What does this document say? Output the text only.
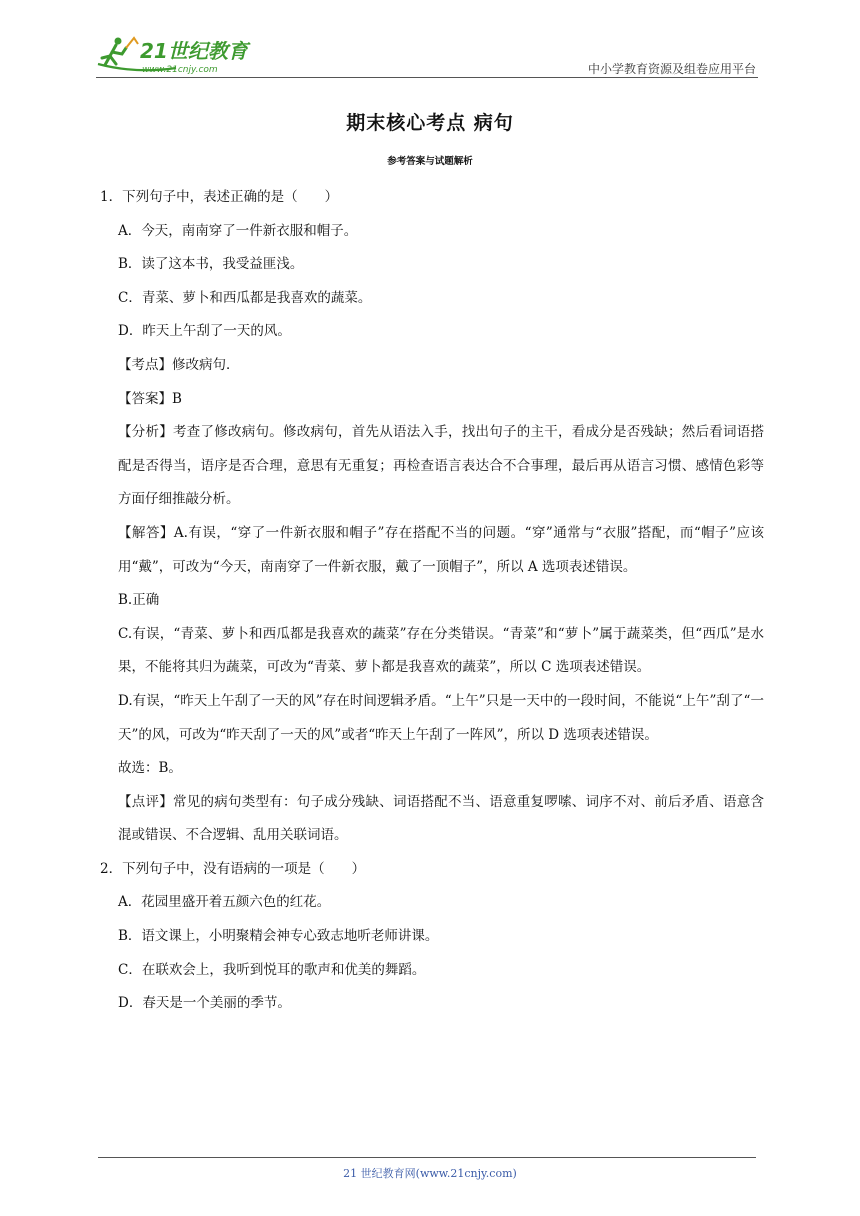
21世纪教育
www.21cnjy.com	中小学教育资源及组卷应用平台
期末核心考点 病句
参考答案与试题解析

1．下列句子中，表述正确的是（　　）

A．今天，南南穿了一件新衣服和帽子。

B．读了这本书，我受益匪浅。

C．青菜、萝卜和西瓜都是我喜欢的蔬菜。

D．昨天上午刮了一天的风。

【考点】修改病句．

【答案】B

【分析】考查了修改病句。修改病句，首先从语法入手，找出句子的主干，看成分是否残缺；然后看词语搭配是否得当，语序是否合理，意思有无重复；再检查语言表达合不合事理，最后再从语言习惯、感情色彩等方面仔细推敲分析。

【解答】A.有误，“穿了一件新衣服和帽子”存在搭配不当的问题。“穿”通常与“衣服”搭配，而“帽子”应该用“戴”，可改为“今天，南南穿了一件新衣服，戴了一顶帽子”，所以 A 选项表述错误。

B.正确

C.有误，“青菜、萝卜和西瓜都是我喜欢的蔬菜”存在分类错误。“青菜”和“萝卜”属于蔬菜类，但“西瓜”是水果，不能将其归为蔬菜，可改为“青菜、萝卜都是我喜欢的蔬菜”，所以 C 选项表述错误。

D.有误，“昨天上午刮了一天的风”存在时间逻辑矛盾。“上午”只是一天中的一段时间，不能说“上午”刮了“一天”的风，可改为“昨天刮了一天的风”或者“昨天上午刮了一阵风”，所以 D 选项表述错误。

故选：B。

【点评】常见的病句类型有：句子成分残缺、词语搭配不当、语意重复啰嗦、词序不对、前后矛盾、语意含混或错误、不合逻辑、乱用关联词语。

2．下列句子中，没有语病的一项是（　　）

A．花园里盛开着五颜六色的红花。

B．语文课上，小明聚精会神专心致志地听老师讲课。

C．在联欢会上，我听到悦耳的歌声和优美的舞蹈。

D．春天是一个美丽的季节。

21 世纪教育网(www.21cnjy.com)
